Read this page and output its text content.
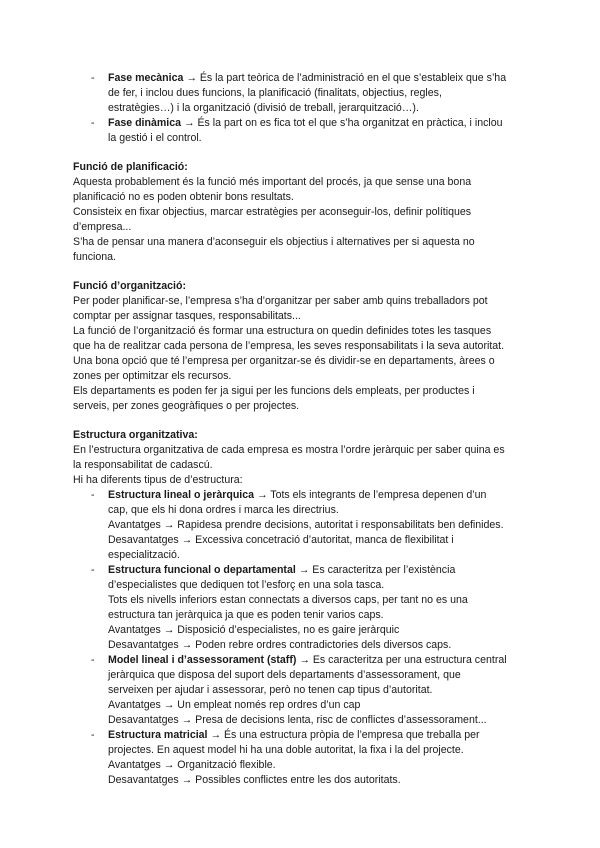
- Fase mecànica → És la part teòrica de l’administració en el que s’estableix que s’ha
de fer, i inclou dues funcions, la planificació (finalitats, objectius, regles,
estratègies…) i la organització (divisió de treball, jerarquització…).
- Fase dinàmica → És la part on es fica tot el que s’ha organitzat en pràctica, i inclou
la gestió i el control.
Funció de planificació:
Aquesta probablement és la funció més important del procés, ja que sense una bona
planificació no es poden obtenir bons resultats.
Consisteix en fixar objectius, marcar estratègies per aconseguir-los, definir polítiques
d’empresa...
S’ha de pensar una manera d’aconseguir els objectius i alternatives per si aquesta no
funciona.
Funció d’organització:
Per poder planificar-se, l’empresa s’ha d’organitzar per saber amb quins treballadors pot
comptar per assignar tasques, responsabilitats...
La funció de l’organització és formar una estructura on quedin definides totes les tasques
que ha de realitzar cada persona de l’empresa, les seves responsabilitats i la seva autoritat.
Una bona opció que té l’empresa per organitzar-se és dividir-se en departaments, àrees o
zones per optimitzar els recursos.
Els departaments es poden fer ja sigui per les funcions dels empleats, per productes i
serveis, per zones geogràfiques o per projectes.
Estructura organitzativa:
En l’estructura organitzativa de cada empresa es mostra l’ordre jeràrquic per saber quina es
la responsabilitat de cadascú.
Hi ha diferents tipus de d’estructura:
- Estructura lineal o jeràrquica → Tots els integrants de l’empresa depenen d’un
cap, que els hi dona ordres i marca les directrius.
Avantatges → Rapidesa prendre decisions, autoritat i responsabilitats ben definides.
Desavantatges → Excessiva concetració d’autoritat, manca de flexibilitat i
especialització.
- Estructura funcional o departamental → Es caracteritza per l’existència
d’especialistes que dediquen tot l’esforç en una sola tasca.
Tots els nivells inferiors estan connectats a diversos caps, per tant no es una
estructura tan jeràrquica ja que es poden tenir varios caps.
Avantatges → Disposició d’especialistes, no es gaire jeràrquic
Desavantatges → Poden rebre ordres contradictories dels diversos caps.
- Model lineal i d’assessorament (staff) → Es caracteritza per una estructura central
jeràrquica que disposa del suport dels departaments d’assessorament, que
serveixen per ajudar i assessorar, però no tenen cap tipus d’autoritat.
Avantatges → Un empleat només rep ordres d’un cap
Desavantatges → Presa de decisions lenta, risc de conflictes d’assessorament...
- Estructura matricial → És una estructura pròpia de l’empresa que treballa per
projectes. En aquest model hi ha una doble autoritat, la fixa i la del projecte.
Avantatges → Organització flexible.
Desavantatges → Possibles conflictes entre les dos autoritats.
